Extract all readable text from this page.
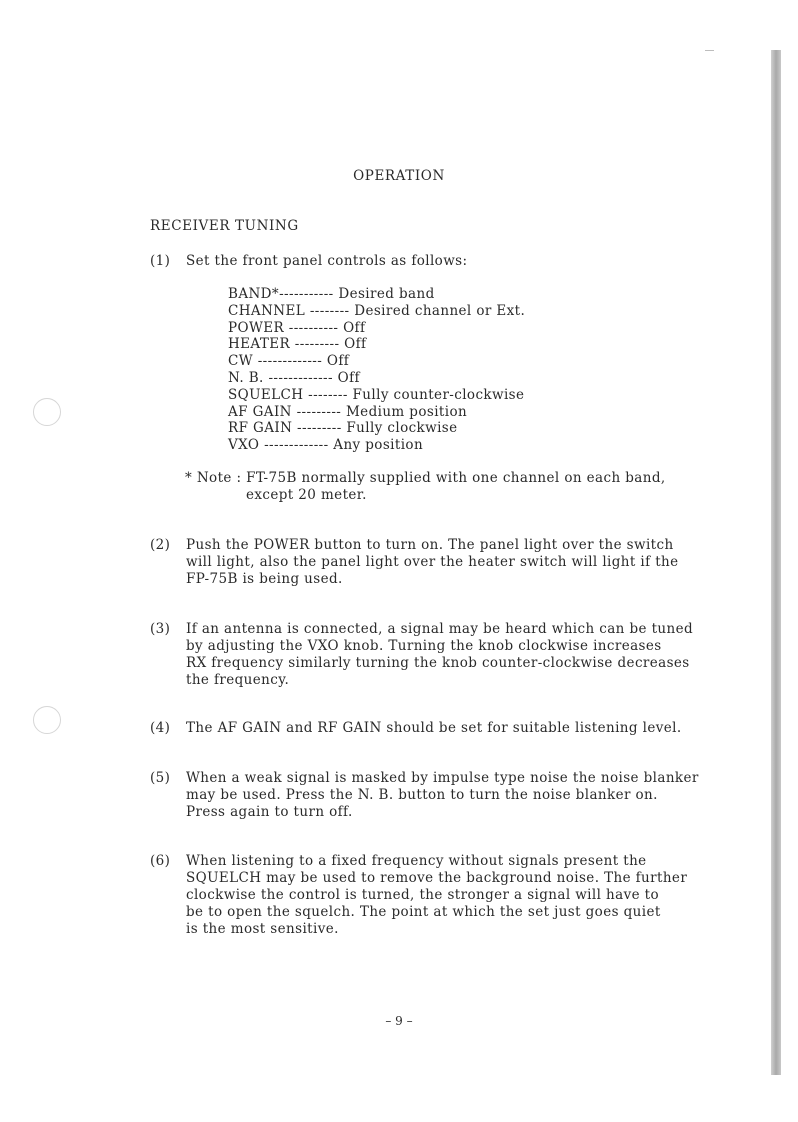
OPERATION
RECEIVER TUNING
(1) Set the front panel controls as follows:
BAND*----------- Desired band
CHANNEL -------- Desired channel or Ext.
POWER ---------- Off
HEATER --------- Off
CW ------------- Off
N. B. ------------- Off
SQUELCH -------- Fully counter-clockwise
AF GAIN --------- Medium position
RF GAIN --------- Fully clockwise
VXO ------------- Any position
* Note : FT-75B normally supplied with one channel on each band,
except 20 meter.
(2) Push the POWER button to turn on. The panel light over the switch
will light, also the panel light over the heater switch will light if the
FP-75B is being used.
(3) If an antenna is connected, a signal may be heard which can be tuned
by adjusting the VXO knob. Turning the knob clockwise increases
RX frequency similarly turning the knob counter-clockwise decreases
the frequency.
(4) The AF GAIN and RF GAIN should be set for suitable listening level.
(5) When a weak signal is masked by impulse type noise the noise blanker
may be used. Press the N. B. button to turn the noise blanker on.
Press again to turn off.
(6) When listening to a fixed frequency without signals present the
SQUELCH may be used to remove the background noise. The further
clockwise the control is turned, the stronger a signal will have to
be to open the squelch. The point at which the set just goes quiet
is the most sensitive.
– 9 –
